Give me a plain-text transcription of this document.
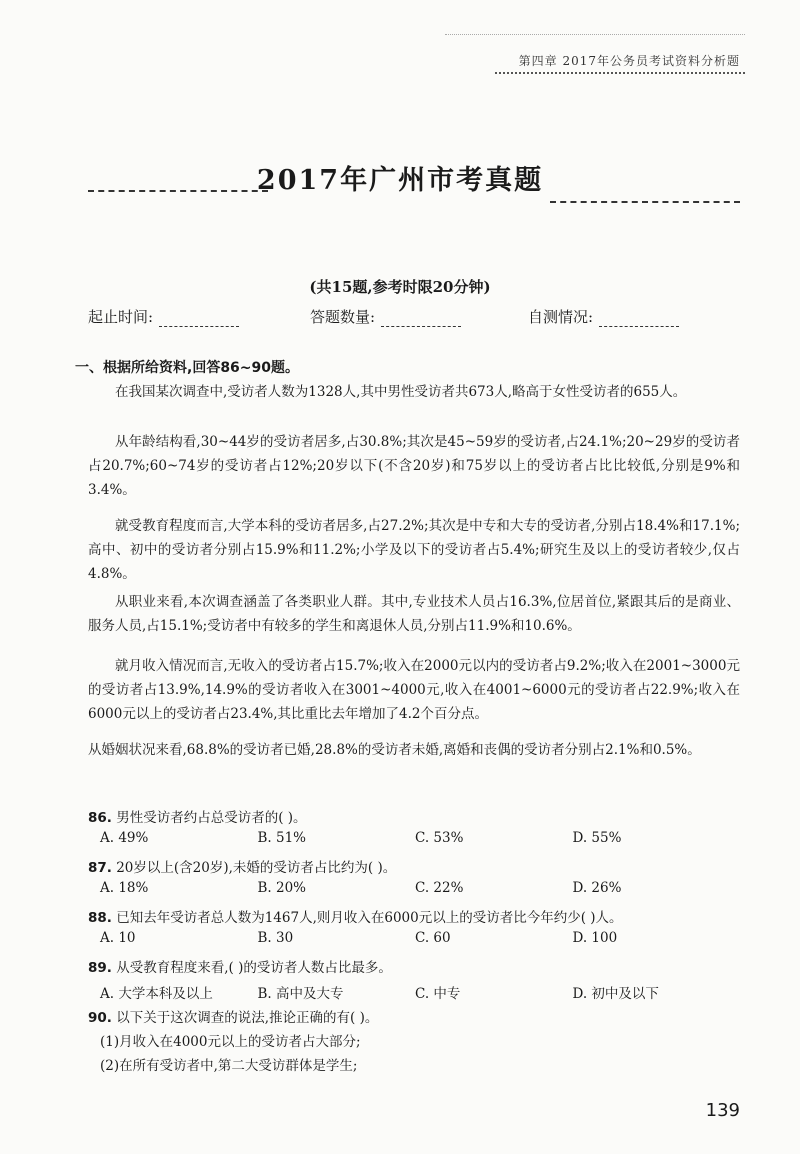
第四章 2017年公务员考试资料分析题
2017年广州市考真题
(共15题,参考时限20分钟)
起止时间:	答题数量:	自测情况:
一、根据所给资料,回答86~90题。
在我国某次调查中,受访者人数为1328人,其中男性受访者共673人,略高于女性受访者的655人。
从年龄结构看,30~44岁的受访者居多,占30.8%;其次是45~59岁的受访者,占24.1%;20~29岁的受访者占20.7%;60~74岁的受访者占12%;20岁以下(不含20岁)和75岁以上的受访者占比比较低,分别是9%和3.4%。
就受教育程度而言,大学本科的受访者居多,占27.2%;其次是中专和大专的受访者,分别占18.4%和17.1%;高中、初中的受访者分别占15.9%和11.2%;小学及以下的受访者占5.4%;研究生及以上的受访者较少,仅占4.8%。
从职业来看,本次调查涵盖了各类职业人群。其中,专业技术人员占16.3%,位居首位,紧跟其后的是商业、服务人员,占15.1%;受访者中有较多的学生和离退休人员,分别占11.9%和10.6%。
就月收入情况而言,无收入的受访者占15.7%;收入在2000元以内的受访者占9.2%;收入在2001~3000元的受访者占13.9%,14.9%的受访者收入在3001~4000元,收入在4001~6000元的受访者占22.9%;收入在6000元以上的受访者占23.4%,其比重比去年增加了4.2个百分点。
从婚姻状况来看,68.8%的受访者已婚,28.8%的受访者未婚,离婚和丧偶的受访者分别占2.1%和0.5%。
86. 男性受访者约占总受访者的( )。
A. 49%	B. 51%	C. 53%	D. 55%
87. 20岁以上(含20岁),未婚的受访者占比约为( )。
A. 18%	B. 20%	C. 22%	D. 26%
88. 已知去年受访者总人数为1467人,则月收入在6000元以上的受访者比今年约少( )人。
A. 10	B. 30	C. 60	D. 100
89. 从受教育程度来看,( )的受访者人数占比最多。
A. 大学本科及以上	B. 高中及大专	C. 中专	D. 初中及以下
90. 以下关于这次调查的说法,推论正确的有( )。
(1)月收入在4000元以上的受访者占大部分;
(2)在所有受访者中,第二大受访群体是学生;
139
